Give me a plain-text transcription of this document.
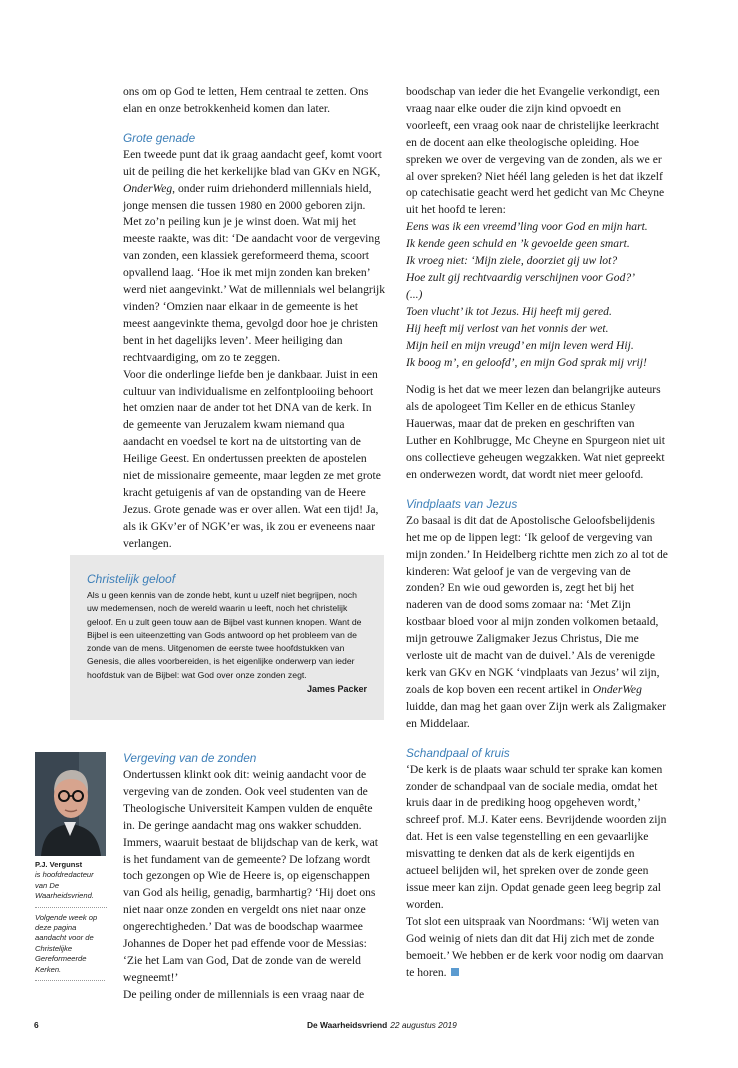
ons om op God te letten, Hem centraal te zetten. Ons elan en onze betrokkenheid komen dan later.

Grote genade

Een tweede punt dat ik graag aandacht geef, komt voort uit de peiling die het kerkelijke blad van GKv en NGK, OnderWeg, onder ruim driehonderd millennials hield, jonge mensen die tussen 1980 en 2000 geboren zijn. Met zo’n peiling kun je je winst doen. Wat mij het meeste raakte, was dit: ‘De aandacht voor de vergeving van zonden, een klassiek gereformeerd thema, scoort opvallend laag. ‘Hoe ik met mijn zonden kan breken’ werd niet aangevinkt.’ Wat de millennials wel belangrijk vinden? ‘Omzien naar elkaar in de gemeente is het meest aangevinkte thema, gevolgd door hoe je christen bent in het dagelijks leven’. Meer heiliging dan rechtvaardiging, om zo te zeggen.

Voor die onderlinge liefde ben je dankbaar. Juist in een cultuur van individualisme en zelfontplooiing behoort het omzien naar de ander tot het DNA van de kerk. In de gemeente van Jeruzalem kwam niemand qua aandacht en voedsel te kort na de uitstorting van de Heilige Geest. En ondertussen preekten de apostelen niet de missionaire gemeente, maar legden ze met grote kracht getuigenis af van de opstanding van de Heere Jezus. Grote genade was er over allen. Wat een tijd! Ja, als ik GKv’er of NGK’er was, ik zou er eveneens naar verlangen.

Christelijk geloof
Als u geen kennis van de zonde hebt, kunt u uzelf niet begrijpen, noch uw medemensen, noch de wereld waarin u leeft, noch het christelijk geloof. En u zult geen touw aan de Bijbel vast kunnen knopen. Want de Bijbel is een uiteenzetting van Gods antwoord op het probleem van de zonde van de mens. Uitgenomen de eerste twee hoofdstukken van Genesis, die alles voorbereiden, is het eigenlijke onderwerp van ieder hoofdstuk van de Bijbel: wat God over onze zonden zegt.
James Packer
P.J. Vergunst
is hoofdredacteur van De Waarheidsvriend.
Volgende week op deze pagina aandacht voor de Christelijke Gereformeerde Kerken.
Vergeving van de zonden

Ondertussen klinkt ook dit: weinig aandacht voor de vergeving van de zonden. Ook veel studenten van de Theologische Universiteit Kampen vulden de enquête in. De geringe aandacht mag ons wakker schudden. Immers, waaruit bestaat de blijdschap van de kerk, wat is het fundament van de gemeente? De lofzang wordt toch gezongen op Wie de Heere is, op eigenschappen van God als heilig, genadig, barmhartig? ‘Hij doet ons niet naar onze zonden en vergeldt ons niet naar onze ongerechtigheden.’ Dat was de boodschap waarmee Johannes de Doper het pad effende voor de Messias: ‘Zie het Lam van God, Dat de zonde van de wereld wegneemt!’

De peiling onder de millennials is een vraag naar de

boodschap van ieder die het Evangelie verkondigt, een vraag naar elke ouder die zijn kind opvoedt en voorleeft, een vraag ook naar de christelijke leerkracht en de docent aan elke theologische opleiding. Hoe spreken we over de vergeving van de zonden, als we er al over spreken? Niet héél lang geleden is het dat ikzelf op catechisatie geacht werd het gedicht van Mc Cheyne uit het hoofd te leren:

Eens was ik een vreemd’ling voor God en mijn hart.
Ik kende geen schuld en ’k gevoelde geen smart.
Ik vroeg niet: ‘Mijn ziele, doorziet gij uw lot?
Hoe zult gij rechtvaardig verschijnen voor God?’
(...)
Toen vlucht’ ik tot Jezus. Hij heeft mij gered.
Hij heeft mij verlost van het vonnis der wet.
Mijn heil en mijn vreugd’ en mijn leven werd Hij.
Ik boog m’, en geloofd’, en mijn God sprak mij vrij!

Nodig is het dat we meer lezen dan belangrijke auteurs als de apologeet Tim Keller en de ethicus Stanley Hauerwas, maar dat de preken en geschriften van Luther en Kohlbrugge, Mc Cheyne en Spurgeon niet uit ons collectieve geheugen wegzakken. Wat niet gepreekt en onderwezen wordt, dat wordt niet meer geloofd.

Vindplaats van Jezus

Zo basaal is dit dat de Apostolische Geloofsbelijdenis het me op de lippen legt: ‘Ik geloof de vergeving van mijn zonden.’ In Heidelberg richtte men zich zo al tot de kinderen: Wat geloof je van de vergeving van de zonden? En wie oud geworden is, zegt het bij het naderen van de dood soms zomaar na: ‘Met Zijn kostbaar bloed voor al mijn zonden volkomen betaald, mijn getrouwe Zaligmaker Jezus Christus, Die me verloste uit de macht van de duivel.’ Als de verenigde kerk van GKv en NGK ‘vindplaats van Jezus’ wil zijn, zoals de kop boven een recent artikel in OnderWeg luidde, dan mag het gaan over Zijn werk als Zaligmaker en Middelaar.

Schandpaal of kruis

‘De kerk is de plaats waar schuld ter sprake kan komen zonder de schandpaal van de sociale media, omdat het kruis daar in de prediking hoog opgeheven wordt,’ schreef prof. M.J. Kater eens. Bevrijdende woorden zijn dat. Het is een valse tegenstelling en een gevaarlijke misvatting te denken dat als de kerk eigentijds en actueel belijden wil, het spreken over de zonde geen issue meer kan zijn. Opdat genade geen leeg begrip zal worden.

Tot slot een uitspraak van Noordmans: ‘Wij weten van God weinig of niets dan dit dat Hij zich met de zonde bemoeit.’ We hebben er de kerk voor nodig om daarvan te horen.

6	De Waarheidsvriend 22 augustus 2019
